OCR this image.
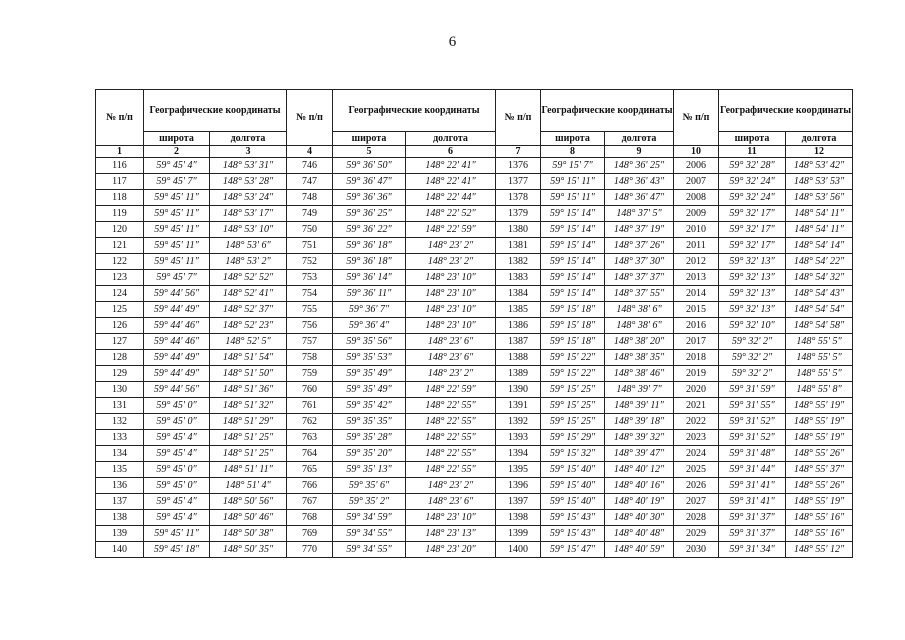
6
№ п/п	Географические координаты		№ п/п	Географические координаты		№ п/п	Географические координаты		№ п/п	Географические координаты	
	широта	долгота		широта	долгота		широта	долгота		широта	долгота
1	2	3	4	5	6	7	8	9	10	11	12
116	59° 45' 4"	148° 53' 31"	746	59° 36' 50"	148° 22' 41"	1376	59° 15' 7"	148° 36' 25"	2006	59° 32' 28"	148° 53' 42"
117	59° 45' 7"	148° 53' 28"	747	59° 36' 47"	148° 22' 41"	1377	59° 15' 11"	148° 36' 43"	2007	59° 32' 24"	148° 53' 53"
118	59° 45' 11"	148° 53' 24"	748	59° 36' 36"	148° 22' 44"	1378	59° 15' 11"	148° 36' 47"	2008	59° 32' 24"	148° 53' 56"
119	59° 45' 11"	148° 53' 17"	749	59° 36' 25"	148° 22' 52"	1379	59° 15' 14"	148° 37' 5"	2009	59° 32' 17"	148° 54' 11"
120	59° 45' 11"	148° 53' 10"	750	59° 36' 22"	148° 22' 59"	1380	59° 15' 14"	148° 37' 19"	2010	59° 32' 17"	148° 54' 11"
121	59° 45' 11"	148° 53' 6"	751	59° 36' 18"	148° 23' 2"	1381	59° 15' 14"	148° 37' 26"	2011	59° 32' 17"	148° 54' 14"
122	59° 45' 11"	148° 53' 2"	752	59° 36' 18"	148° 23' 2"	1382	59° 15' 14"	148° 37' 30"	2012	59° 32' 13"	148° 54' 22"
123	59° 45' 7"	148° 52' 52"	753	59° 36' 14"	148° 23' 10"	1383	59° 15' 14"	148° 37' 37"	2013	59° 32' 13"	148° 54' 32"
124	59° 44' 56"	148° 52' 41"	754	59° 36' 11"	148° 23' 10"	1384	59° 15' 14"	148° 37' 55"	2014	59° 32' 13"	148° 54' 43"
125	59° 44' 49"	148° 52' 37"	755	59° 36' 7"	148° 23' 10"	1385	59° 15' 18"	148° 38' 6"	2015	59° 32' 13"	148° 54' 54"
126	59° 44' 46"	148° 52' 23"	756	59° 36' 4"	148° 23' 10"	1386	59° 15' 18"	148° 38' 6"	2016	59° 32' 10"	148° 54' 58"
127	59° 44' 46"	148° 52' 5"	757	59° 35' 56"	148° 23' 6"	1387	59° 15' 18"	148° 38' 20"	2017	59° 32' 2"	148° 55' 5"
128	59° 44' 49"	148° 51' 54"	758	59° 35' 53"	148° 23' 6"	1388	59° 15' 22"	148° 38' 35"	2018	59° 32' 2"	148° 55' 5"
129	59° 44' 49"	148° 51' 50"	759	59° 35' 49"	148° 23' 2"	1389	59° 15' 22"	148° 38' 46"	2019	59° 32' 2"	148° 55' 5"
130	59° 44' 56"	148° 51' 36"	760	59° 35' 49"	148° 22' 59"	1390	59° 15' 25"	148° 39' 7"	2020	59° 31' 59"	148° 55' 8"
131	59° 45' 0"	148° 51' 32"	761	59° 35' 42"	148° 22' 55"	1391	59° 15' 25"	148° 39' 11"	2021	59° 31' 55"	148° 55' 19"
132	59° 45' 0"	148° 51' 29"	762	59° 35' 35"	148° 22' 55"	1392	59° 15' 25"	148° 39' 18"	2022	59° 31' 52"	148° 55' 19"
133	59° 45' 4"	148° 51' 25"	763	59° 35' 28"	148° 22' 55"	1393	59° 15' 29"	148° 39' 32"	2023	59° 31' 52"	148° 55' 19"
134	59° 45' 4"	148° 51' 25"	764	59° 35' 20"	148° 22' 55"	1394	59° 15' 32"	148° 39' 47"	2024	59° 31' 48"	148° 55' 26"
135	59° 45' 0"	148° 51' 11"	765	59° 35' 13"	148° 22' 55"	1395	59° 15' 40"	148° 40' 12"	2025	59° 31' 44"	148° 55' 37"
136	59° 45' 0"	148° 51' 4"	766	59° 35' 6"	148° 23' 2"	1396	59° 15' 40"	148° 40' 16"	2026	59° 31' 41"	148° 55' 26"
137	59° 45' 4"	148° 50' 56"	767	59° 35' 2"	148° 23' 6"	1397	59° 15' 40"	148° 40' 19"	2027	59° 31' 41"	148° 55' 19"
138	59° 45' 4"	148° 50' 46"	768	59° 34' 59"	148° 23' 10"	1398	59° 15' 43"	148° 40' 30"	2028	59° 31' 37"	148° 55' 16"
139	59° 45' 11"	148° 50' 38"	769	59° 34' 55"	148° 23' 13"	1399	59° 15' 43"	148° 40' 48"	2029	59° 31' 37"	148° 55' 16"
140	59° 45' 18"	148° 50' 35"	770	59° 34' 55"	148° 23' 20"	1400	59° 15' 47"	148° 40' 59"	2030	59° 31' 34"	148° 55' 12"
